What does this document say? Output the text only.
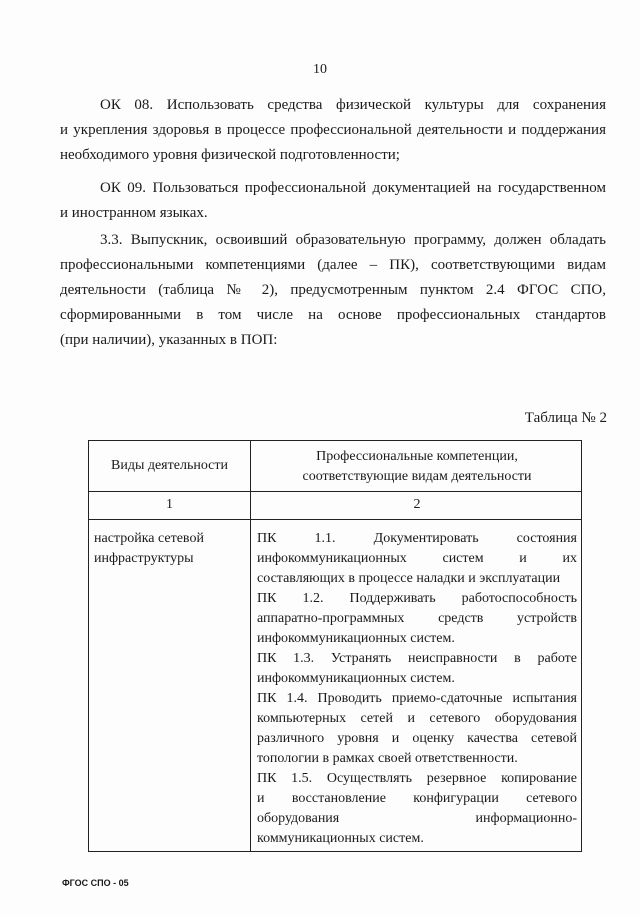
10
ОК 08. Использовать средства физической культуры для сохранения
и укрепления здоровья в процессе профессиональной деятельности и поддержания
необходимого уровня физической подготовленности;
ОК 09. Пользоваться профессиональной документацией на государственном
и иностранном языках.
3.3. Выпускник, освоивший образовательную программу, должен обладать
профессиональными компетенциями (далее – ПК), соответствующими видам
деятельности (таблица № 2), предусмотренным пунктом 2.4 ФГОС СПО,
сформированными в том числе на основе профессиональных стандартов
(при наличии), указанных в ПОП:
Таблица № 2
Виды деятельности
Профессиональные компетенции,
соответствующие видам деятельности
1	2
настройка сетевой
инфраструктуры
ПК 1.1. Документировать состояния
инфокоммуникационных систем и их
составляющих в процессе наладки и эксплуатации
ПК 1.2. Поддерживать работоспособность
аппаратно-программных средств устройств
инфокоммуникационных систем.
ПК 1.3. Устранять неисправности в работе
инфокоммуникационных систем.
ПК 1.4. Проводить приемо-сдаточные испытания
компьютерных сетей и сетевого оборудования
различного уровня и оценку качества сетевой
топологии в рамках своей ответственности.
ПК 1.5. Осуществлять резервное копирование
и восстановление конфигурации сетевого
оборудования информационно-
коммуникационных систем.
ФГОС СПО - 05
